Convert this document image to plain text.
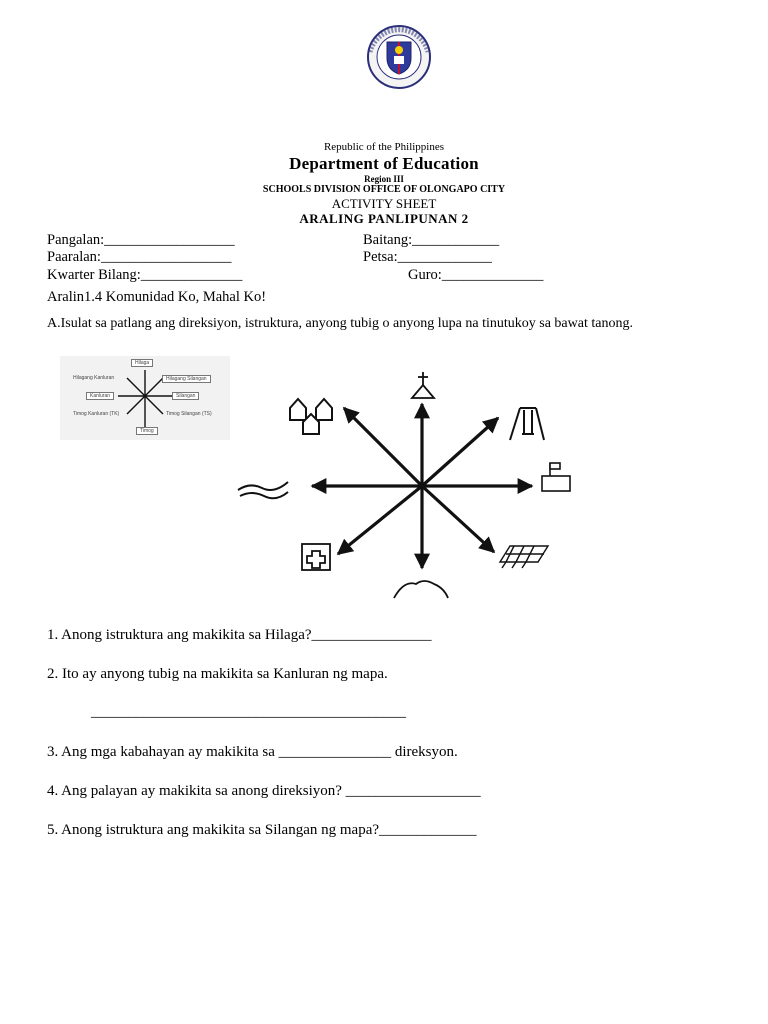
Republic of the Philippines
Department of Education
Region III
SCHOOLS DIVISION OFFICE OF OLONGAPO CITY
ACTIVITY SHEET
ARALING PANLIPUNAN 2
Pangalan:__________________	Baitang:____________
Paaralan:__________________	Petsa:_____________
Kwarter Bilang:______________	Guro:______________
Aralin1.4 Komunidad Ko, Mahal Ko!
A.Isulat sa patlang ang direksiyon, istruktura, anyong tubig o anyong lupa na tinutukoy sa bawat tanong.
Hilaga
Hilagang Kanluran	Hilagang Silangan
Kanluran	Silangan
Timog Kanluran (TK)	Timog Silangan (TS)
Timog
1. Anong istruktura ang makikita sa Hilaga?________________
2. Ito ay anyong tubig na makikita sa Kanluran ng mapa.
__________________________________________
3. Ang mga kabahayan ay makikita sa _______________ direksyon.
4. Ang palayan ay makikita sa anong direksiyon? __________________
5. Anong istruktura ang makikita sa Silangan ng mapa?_____________
